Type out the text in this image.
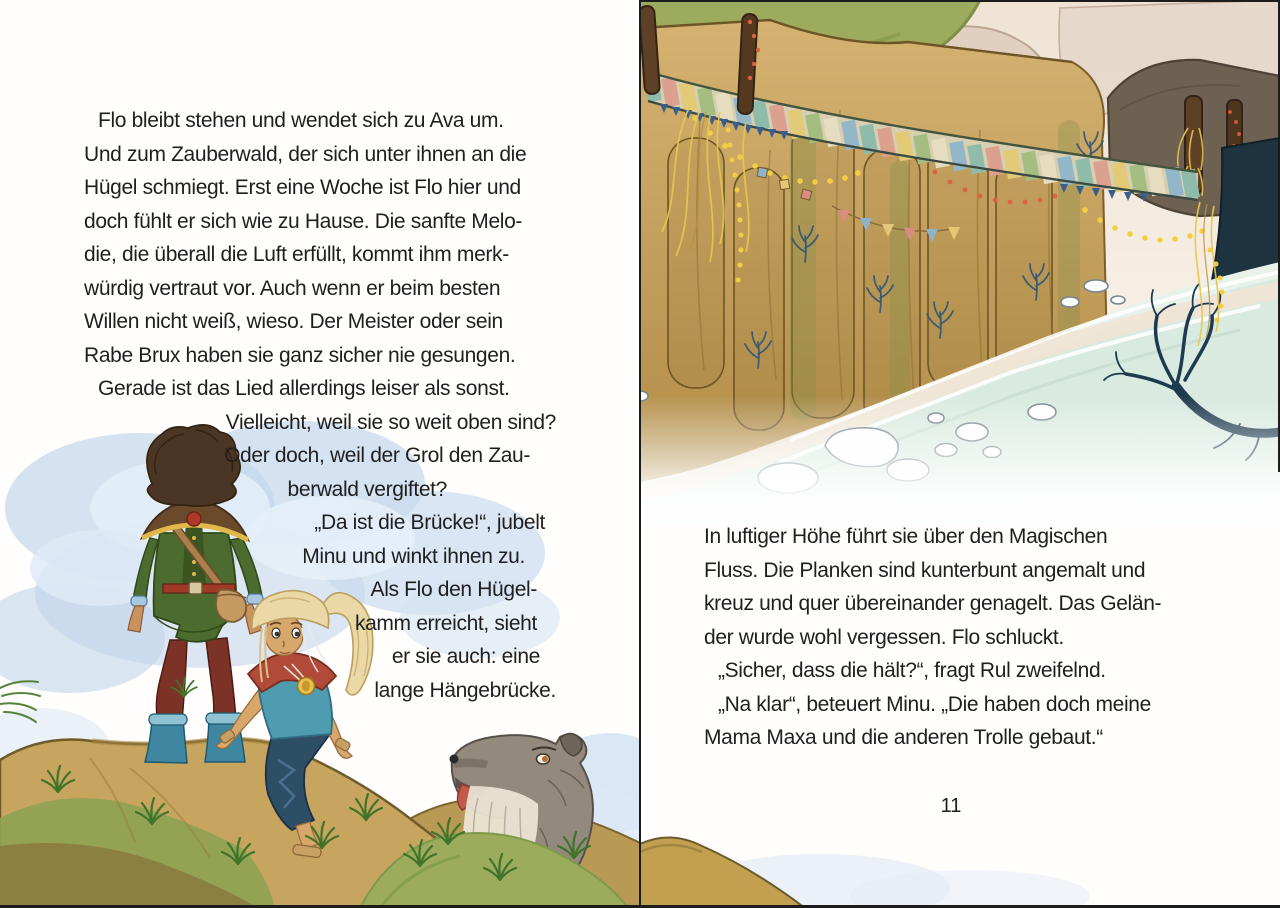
Flo bleibt stehen und wendet sich zu Ava um.
Und zum Zauberwald, der sich unter ihnen an die
Hügel schmiegt. Erst eine Woche ist Flo hier und
doch fühlt er sich wie zu Hause. Die sanfte Melo-
die, die überall die Luft erfüllt, kommt ihm merk-
würdig vertraut vor. Auch wenn er beim besten
Willen nicht weiß, wieso. Der Meister oder sein
Rabe Brux haben sie ganz sicher nie gesungen.
Gerade ist das Lied allerdings leiser als sonst.
Vielleicht, weil sie so weit oben sind?
Oder doch, weil der Grol den Zau-
berwald vergiftet?
„Da ist die Brücke!“, jubelt
Minu und winkt ihnen zu.
Als Flo den Hügel-
kamm erreicht, sieht
er sie auch: eine
lange Hängebrücke.
In luftiger Höhe führt sie über den Magischen
Fluss. Die Planken sind kunterbunt angemalt und
kreuz und quer übereinander genagelt. Das Gelän-
der wurde wohl vergessen. Flo schluckt.
„Sicher, dass die hält?“, fragt Rul zweifelnd.
„Na klar“, beteuert Minu. „Die haben doch meine
Mama Maxa und die anderen Trolle gebaut.“
11
